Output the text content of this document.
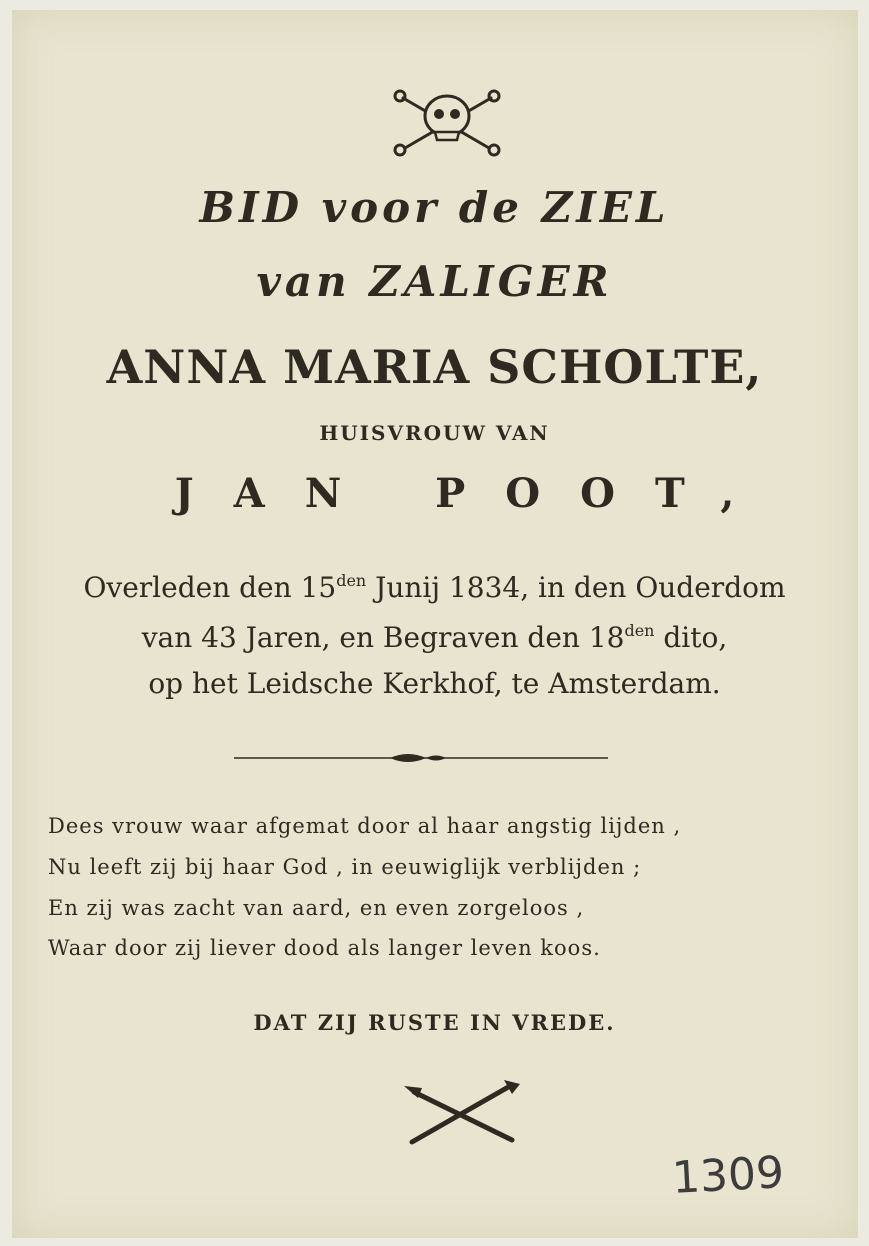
BID voor de ZIEL
van ZALIGER
ANNA MARIA SCHOLTE,
HUISVROUW VAN
JAN POOT,
Overleden den $15^{den}$ Junij 1834, in den Ouderdom
van 43 Jaren, en Begraven den $18^{den}$ dito,
op het Leidsche Kerkhof, te Amsterdam.
Dees vrouw waar afgemat door al haar angstig lijden ,
Nu leeft zij bij haar God , in eeuwiglijk verblijden ;
En zij was zacht van aard, en even zorgeloos ,
Waar door zij liever dood als langer leven koos.
DAT ZIJ RUSTE IN VREDE.
1309
